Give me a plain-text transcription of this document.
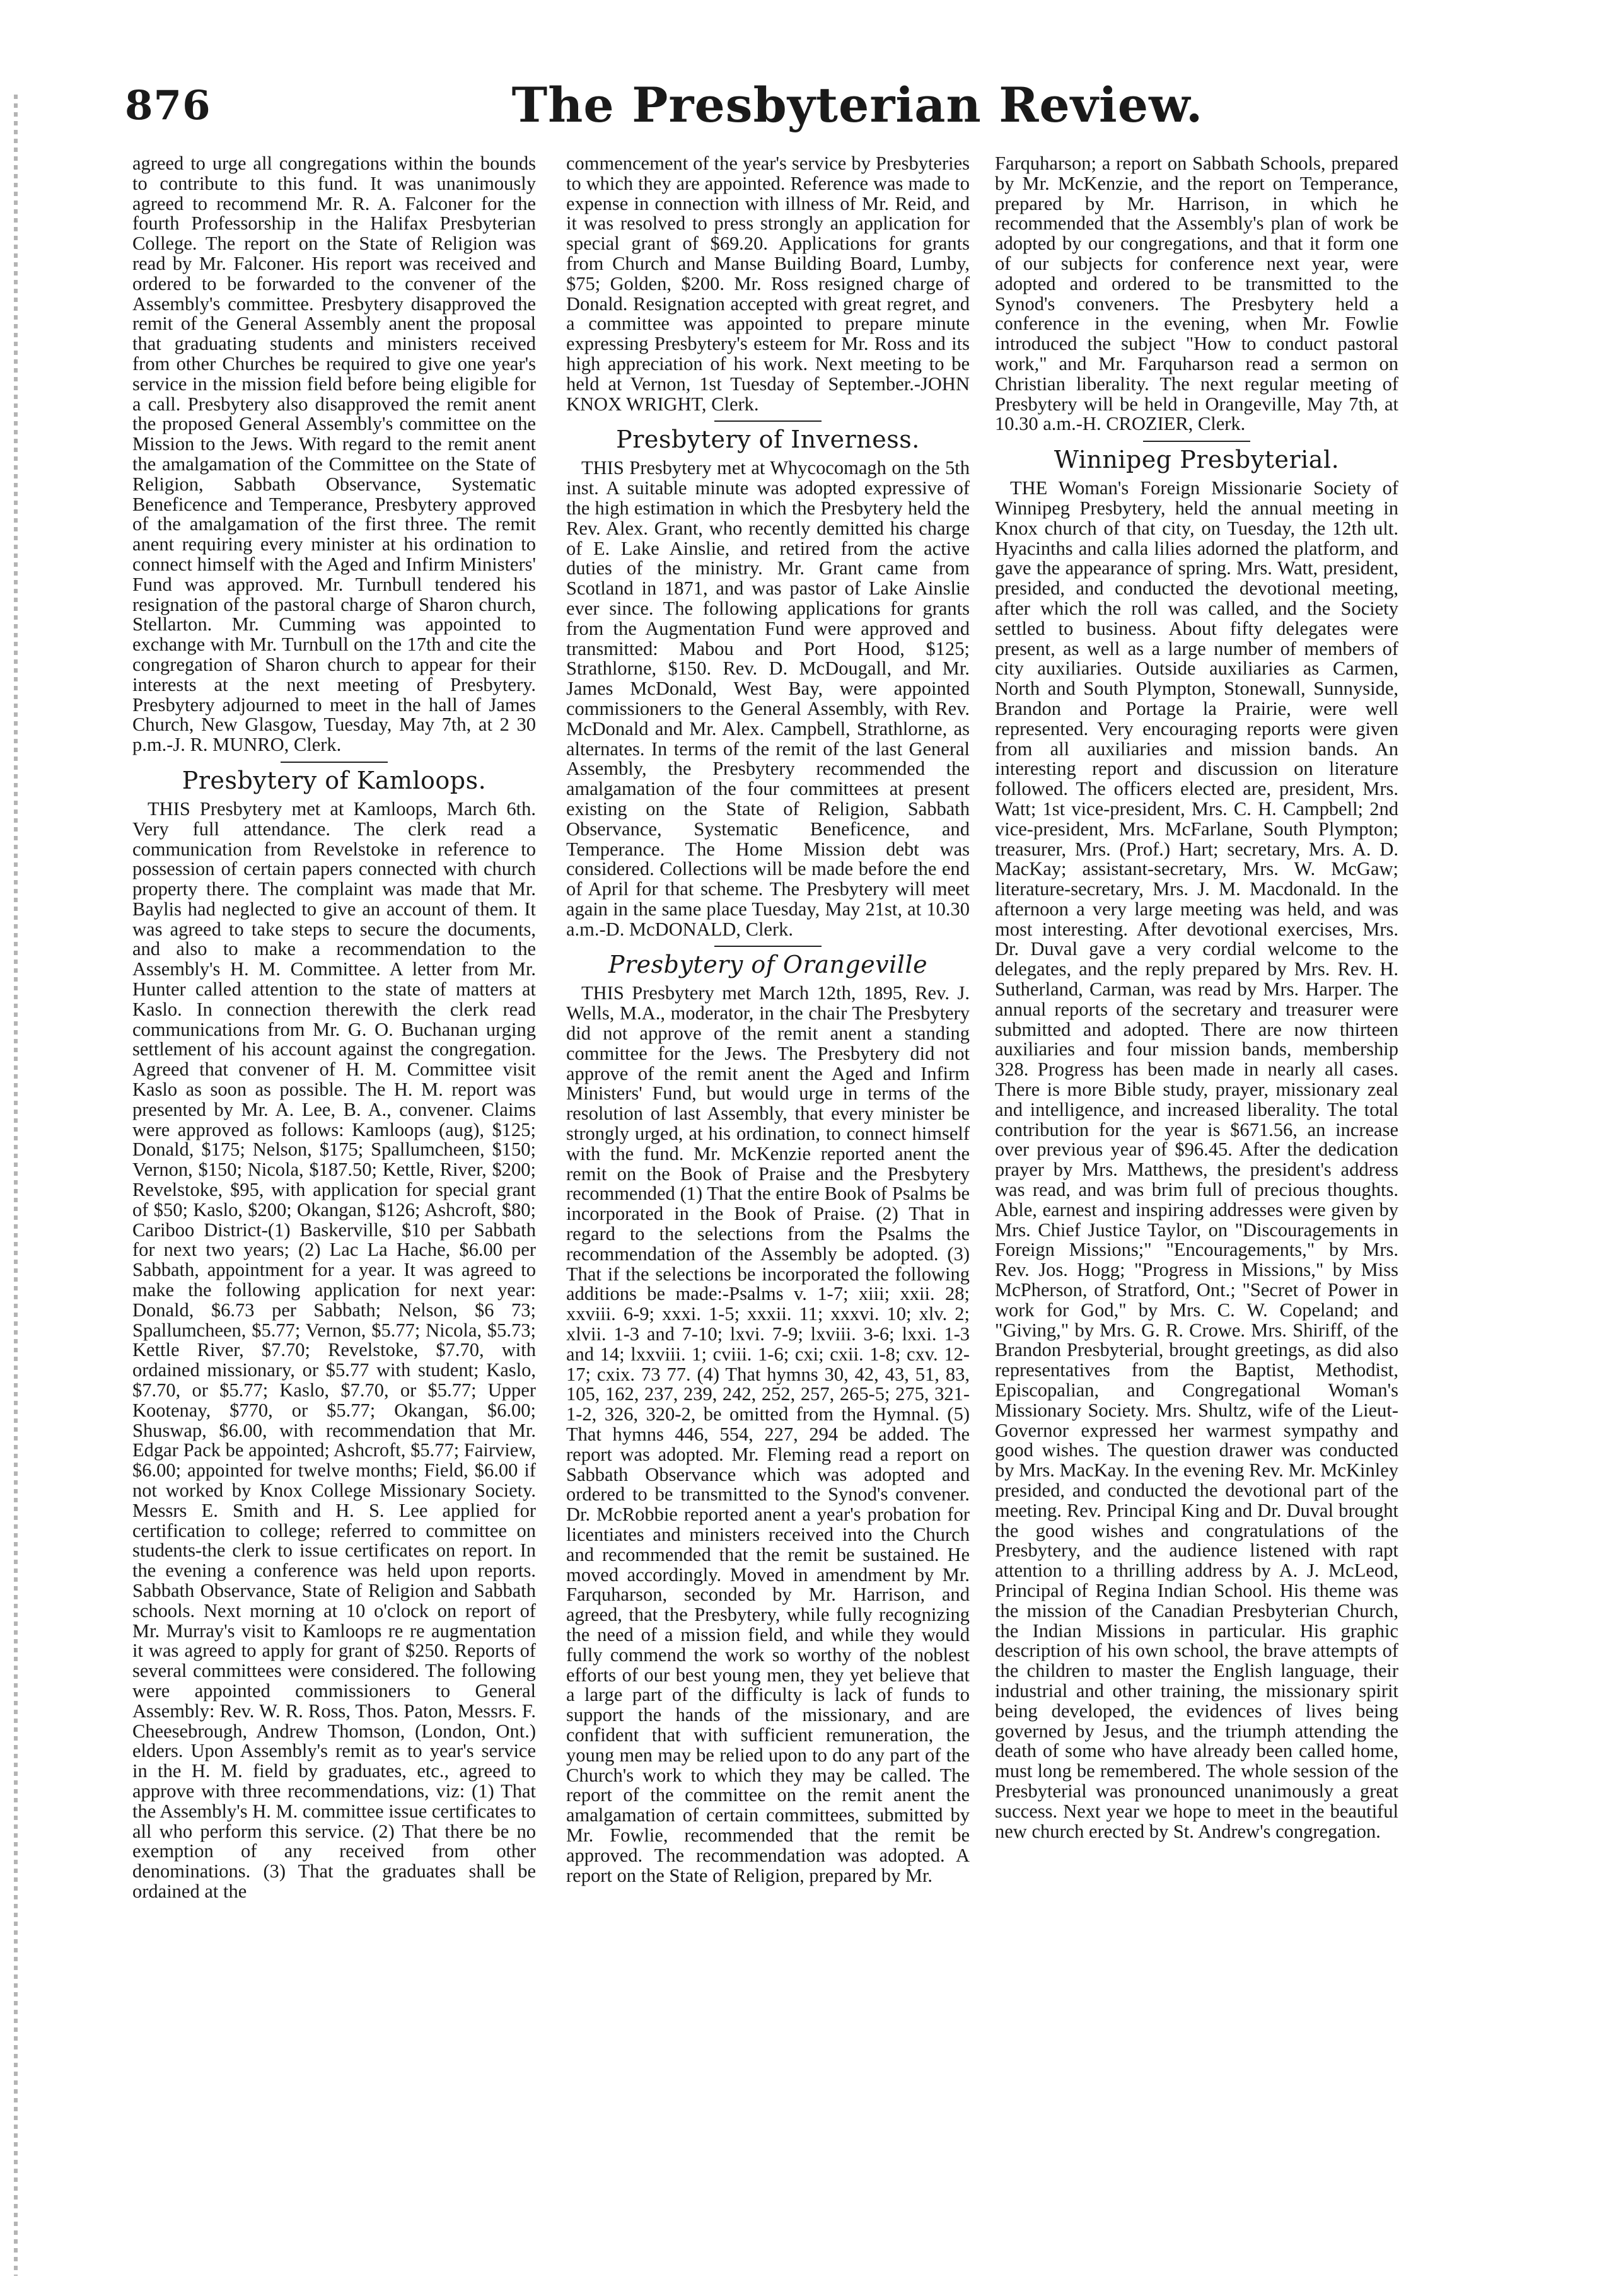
876	The Presbyterian Review.

agreed to urge all congregations within the bounds to contribute to this fund. It was unanimously agreed to recommend Mr. R. A. Falconer for the fourth Professorship in the Halifax Presbyterian College. The report on the State of Religion was read by Mr. Falconer. His report was received and ordered to be forwarded to the convener of the Assembly's committee. Presbytery disapproved the remit of the General Assembly anent the proposal that graduating students and ministers received from other Churches be required to give one year's service in the mission field before being eligible for a call. Presbytery also disapproved the remit anent the proposed General Assembly's committee on the Mission to the Jews. With regard to the remit anent the amalgamation of the Committee on the State of Religion, Sabbath Observance, Systematic Beneficence and Temperance, Presbytery approved of the amalgamation of the first three. The remit anent requiring every minister at his ordination to connect himself with the Aged and Infirm Ministers' Fund was approved. Mr. Turnbull tendered his resignation of the pastoral charge of Sharon church, Stellarton. Mr. Cumming was appointed to exchange with Mr. Turnbull on the 17th and cite the congregation of Sharon church to appear for their interests at the next meeting of Presbytery. Presbytery adjourned to meet in the hall of James Church, New Glasgow, Tuesday, May 7th, at 2 30 p.m.-J. R. MUNRO, Clerk.

Presbytery of Kamloops.

THIS Presbytery met at Kamloops, March 6th. Very full attendance. The clerk read a communication from Revelstoke in reference to possession of certain papers connected with church property there. The complaint was made that Mr. Baylis had neglected to give an account of them. It was agreed to take steps to secure the documents, and also to make a recommendation to the Assembly's H. M. Committee. A letter from Mr. Hunter called attention to the state of matters at Kaslo. In connection therewith the clerk read communications from Mr. G. O. Buchanan urging settlement of his account against the congregation. Agreed that convener of H. M. Committee visit Kaslo as soon as possible. The H. M. report was presented by Mr. A. Lee, B. A., convener. Claims were approved as follows: Kamloops (aug), $125; Donald, $175; Nelson, $175; Spallumcheen, $150; Vernon, $150; Nicola, $187.50; Kettle, River, $200; Revelstoke, $95, with application for special grant of $50; Kaslo, $200; Okangan, $126; Ashcroft, $80; Cariboo District-(1) Baskerville, $10 per Sabbath for next two years; (2) Lac La Hache, $6.00 per Sabbath, appointment for a year. It was agreed to make the following application for next year: Donald, $6.73 per Sabbath; Nelson, $6 73; Spallumcheen, $5.77; Vernon, $5.77; Nicola, $5.73; Kettle River, $7.70; Revelstoke, $7.70, with ordained missionary, or $5.77 with student; Kaslo, $7.70, or $5.77; Kaslo, $7.70, or $5.77; Upper Kootenay, $770, or $5.77; Okangan, $6.00; Shuswap, $6.00, with recommendation that Mr. Edgar Pack be appointed; Ashcroft, $5.77; Fairview, $6.00; appointed for twelve months; Field, $6.00 if not worked by Knox College Missionary Society. Messrs E. Smith and H. S. Lee applied for certification to college; referred to committee on students-the clerk to issue certificates on report. In the evening a conference was held upon reports. Sabbath Observance, State of Religion and Sabbath schools. Next morning at 10 o'clock on report of Mr. Murray's visit to Kamloops re re augmentation it was agreed to apply for grant of $250. Reports of several committees were considered. The following were appointed commissioners to General Assembly: Rev. W. R. Ross, Thos. Paton, Messrs. F. Cheesebrough, Andrew Thomson, (London, Ont.) elders. Upon Assembly's remit as to year's service in the H. M. field by graduates, etc., agreed to approve with three recommendations, viz: (1) That the Assembly's H. M. committee issue certificates to all who perform this service. (2) That there be no exemption of any received from other denominations. (3) That the graduates shall be ordained at the

commencement of the year's service by Presbyteries to which they are appointed. Reference was made to expense in connection with illness of Mr. Reid, and it was resolved to press strongly an application for special grant of $69.20. Applications for grants from Church and Manse Building Board, Lumby, $75; Golden, $200. Mr. Ross resigned charge of Donald. Resignation accepted with great regret, and a committee was appointed to prepare minute expressing Presbytery's esteem for Mr. Ross and its high appreciation of his work. Next meeting to be held at Vernon, 1st Tuesday of September.-JOHN KNOX WRIGHT, Clerk.

Presbytery of Inverness.

THIS Presbytery met at Whycocomagh on the 5th inst. A suitable minute was adopted expressive of the high estimation in which the Presbytery held the Rev. Alex. Grant, who recently demitted his charge of E. Lake Ainslie, and retired from the active duties of the ministry. Mr. Grant came from Scotland in 1871, and was pastor of Lake Ainslie ever since. The following applications for grants from the Augmentation Fund were approved and transmitted: Mabou and Port Hood, $125; Strathlorne, $150. Rev. D. McDougall, and Mr. James McDonald, West Bay, were appointed commissioners to the General Assembly, with Rev. McDonald and Mr. Alex. Campbell, Strathlorne, as alternates. In terms of the remit of the last General Assembly, the Presbytery recommended the amalgamation of the four committees at present existing on the State of Religion, Sabbath Observance, Systematic Beneficence, and Temperance. The Home Mission debt was considered. Collections will be made before the end of April for that scheme. The Presbytery will meet again in the same place Tuesday, May 21st, at 10.30 a.m.-D. McDONALD, Clerk.

Presbytery of Orangeville

THIS Presbytery met March 12th, 1895, Rev. J. Wells, M.A., moderator, in the chair The Presbytery did not approve of the remit anent a standing committee for the Jews. The Presbytery did not approve of the remit anent the Aged and Infirm Ministers' Fund, but would urge in terms of the resolution of last Assembly, that every minister be strongly urged, at his ordination, to connect himself with the fund. Mr. McKenzie reported anent the remit on the Book of Praise and the Presbytery recommended (1) That the entire Book of Psalms be incorporated in the Book of Praise. (2) That in regard to the selections from the Psalms the recommendation of the Assembly be adopted. (3) That if the selections be incorporated the following additions be made:-Psalms v. 1-7; xiii; xxii. 28; xxviii. 6-9; xxxi. 1-5; xxxii. 11; xxxvi. 10; xlv. 2; xlvii. 1-3 and 7-10; lxvi. 7-9; lxviii. 3-6; lxxi. 1-3 and 14; lxxviii. 1; cviii. 1-6; cxi; cxii. 1-8; cxv. 12-17; cxix. 73 77. (4) That hymns 30, 42, 43, 51, 83, 105, 162, 237, 239, 242, 252, 257, 265-5; 275, 321-1-2, 326, 320-2, be omitted from the Hymnal. (5) That hymns 446, 554, 227, 294 be added. The report was adopted. Mr. Fleming read a report on Sabbath Observance which was adopted and ordered to be transmitted to the Synod's convener. Dr. McRobbie reported anent a year's probation for licentiates and ministers received into the Church and recommended that the remit be sustained. He moved accordingly. Moved in amendment by Mr. Farquharson, seconded by Mr. Harrison, and agreed, that the Presbytery, while fully recognizing the need of a mission field, and while they would fully commend the work so worthy of the noblest efforts of our best young men, they yet believe that a large part of the difficulty is lack of funds to support the hands of the missionary, and are confident that with sufficient remuneration, the young men may be relied upon to do any part of the Church's work to which they may be called. The report of the committee on the remit anent the amalgamation of certain committees, submitted by Mr. Fowlie, recommended that the remit be approved. The recommendation was adopted. A report on the State of Religion, prepared by Mr.

Farquharson; a report on Sabbath Schools, prepared by Mr. McKenzie, and the report on Temperance, prepared by Mr. Harrison, in which he recommended that the Assembly's plan of work be adopted by our congregations, and that it form one of our subjects for conference next year, were adopted and ordered to be transmitted to the Synod's conveners. The Presbytery held a conference in the evening, when Mr. Fowlie introduced the subject "How to conduct pastoral work," and Mr. Farquharson read a sermon on Christian liberality. The next regular meeting of Presbytery will be held in Orangeville, May 7th, at 10.30 a.m.-H. CROZIER, Clerk.

Winnipeg Presbyterial.

THE Woman's Foreign Missionarie Society of Winnipeg Presbytery, held the annual meeting in Knox church of that city, on Tuesday, the 12th ult. Hyacinths and calla lilies adorned the platform, and gave the appearance of spring. Mrs. Watt, president, presided, and conducted the devotional meeting, after which the roll was called, and the Society settled to business. About fifty delegates were present, as well as a large number of members of city auxiliaries. Outside auxiliaries as Carmen, North and South Plympton, Stonewall, Sunnyside, Brandon and Portage la Prairie, were well represented. Very encouraging reports were given from all auxiliaries and mission bands. An interesting report and discussion on literature followed. The officers elected are, president, Mrs. Watt; 1st vice-president, Mrs. C. H. Campbell; 2nd vice-president, Mrs. McFarlane, South Plympton; treasurer, Mrs. (Prof.) Hart; secretary, Mrs. A. D. MacKay; assistant-secretary, Mrs. W. McGaw; literature-secretary, Mrs. J. M. Macdonald. In the afternoon a very large meeting was held, and was most interesting. After devotional exercises, Mrs. Dr. Duval gave a very cordial welcome to the delegates, and the reply prepared by Mrs. Rev. H. Sutherland, Carman, was read by Mrs. Harper. The annual reports of the secretary and treasurer were submitted and adopted. There are now thirteen auxiliaries and four mission bands, membership 328. Progress has been made in nearly all cases. There is more Bible study, prayer, missionary zeal and intelligence, and increased liberality. The total contribution for the year is $671.56, an increase over previous year of $96.45. After the dedication prayer by Mrs. Matthews, the president's address was read, and was brim full of precious thoughts. Able, earnest and inspiring addresses were given by Mrs. Chief Justice Taylor, on "Discouragements in Foreign Missions;" "Encouragements," by Mrs. Rev. Jos. Hogg; "Progress in Missions," by Miss McPherson, of Stratford, Ont.; "Secret of Power in work for God," by Mrs. C. W. Copeland; and "Giving," by Mrs. G. R. Crowe. Mrs. Shiriff, of the Brandon Presbyterial, brought greetings, as did also representatives from the Baptist, Methodist, Episcopalian, and Congregational Woman's Missionary Society. Mrs. Shultz, wife of the Lieut-Governor expressed her warmest sympathy and good wishes. The question drawer was conducted by Mrs. MacKay. In the evening Rev. Mr. McKinley presided, and conducted the devotional part of the meeting. Rev. Principal King and Dr. Duval brought the good wishes and congratulations of the Presbytery, and the audience listened with rapt attention to a thrilling address by A. J. McLeod, Principal of Regina Indian School. His theme was the mission of the Canadian Presbyterian Church, the Indian Missions in particular. His graphic description of his own school, the brave attempts of the children to master the English language, their industrial and other training, the missionary spirit being developed, the evidences of lives being governed by Jesus, and the triumph attending the death of some who have already been called home, must long be remembered. The whole session of the Presbyterial was pronounced unanimously a great success. Next year we hope to meet in the beautiful new church erected by St. Andrew's congregation.
